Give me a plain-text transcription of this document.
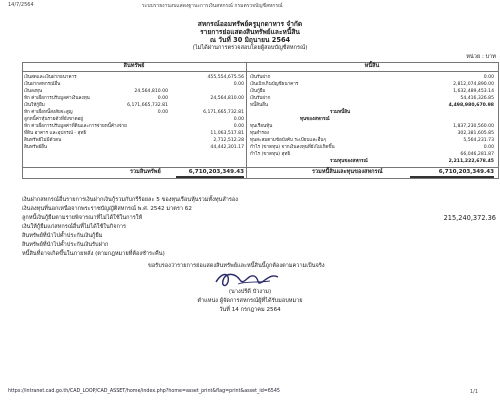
14/7/2564	ระบบรายงานงบแสดงฐานะการเงินสหกรณ์ กรมตรวจบัญชีสหกรณ์
สหกรณ์ออมทรัพย์ครูมุกดาหาร จำกัด
รายการย่อแสดงสินทรัพย์และหนี้สิน
ณ วันที่ 30 มิถุนายน 2564
(ไม่ได้ผ่านการตรวจสอบโดยผู้สอบบัญชีสหกรณ์)
หน่วย : บาท
สินทรัพย์	หนี้สิน
เงินสดและเงินฝากธนาคาร	455,554,675.56
เงินฝากสหกรณ์อื่น	0.00
เงินลงทุน	24,564,810.00
หัก ค่าเผื่อการปรับมูลค่าเงินลงทุน	0.00	24,564,810.00
เงินให้กู้ยืม	6,171,665,732.81
หัก ค่าเผื่อหนี้สงสัยจะสูญ	0.00	6,171,665,732.81
ลูกหนี้ค่าหุ้นรายตัวที่ยังขาดอยู่	0.00
หัก ค่าเผื่อการปรับมูลค่าที่ดินและการจ่ายหนี้ค้างจ่าย	0.00
ที่ดิน อาคาร และอุปกรณ์ - สุทธิ	11,063,517.81
สินทรัพย์ไม่มีตัวตน	2,712,512.28
สินทรัพย์อื่น	44,442,301.17
เงินรับฝาก	0.00
เงินเบิกเกินบัญชีธนาคาร	2,812,074,890.00
เงินกู้ยืม	1,632,489,453.14
เงินรับฝาก	54,416,326.85
หนี้สินอื่น	4,498,980,670.98
รวมหนี้สิน
ทุนของสหกรณ์
ทุนเรือนหุ้น	1,837,230,560.00
ทุนสำรอง	302,381,605.85
ทุนสะสมตามข้อบังคับ ระเบียบและอื่นๆ	5,564,231.73
กำไร (ขาดทุน) จากเงินลงทุนที่ยังไม่เกิดขึ้น	0.00
กำไร (ขาดทุน) สุทธิ	66,046,281.87
รวมทุนของสหกรณ์	2,211,222,678.45
รวมสินทรัพย์	6,710,203,349.43	รวมหนี้สินและทุนของสหกรณ์	6,710,203,349.43
เงินฝากสหกรณ์อื่นรายการเงินฝากเงินกู้รวมกับกรีร้อยละ 5 ของทุนเรือนหุ้นรวมทั้งทุนสำรอง
เงินลงทุนที่นอกเหนือจากพระราชบัญญัติสหกรณ์ พ.ศ. 2542 มาตรา 62
ลูกหนี้เงินกู้ยืมตามรายพิจารณาที่ไม่ได้ใช้ในการให้	215,240,372.36
เงินให้กู้ยืมแก่สหกรณ์อื่นที่ไม่ได้ใช้ในกิจการ
สินทรัพย์ที่นำไปค้ำประกันเงินกู้ยืม
สินทรัพย์ที่นำไปค้ำประกันเงินรับฝาก
หนี้สินที่อาจเกิดขึ้นในภายหลัง (ตามกฎหมายที่ต้องชำระคืน)
ขอรับรองว่ารายการย่อแสดงสินทรัพย์และหนี้สินนี้ถูกต้องตามความเป็นจริง
(นางปรีดี บัวงาม)
ตำแหน่ง ผู้จัดการสหกรณ์ผู้ที่ได้รับมอบหมาย
วันที่ 14 กรกฎาคม 2564
https://intranet.cad.go.th/CAD_LOOP/CAD_ASSET/home/index.php?home=asset_print&flag=print&asset_id=6545	1/1
